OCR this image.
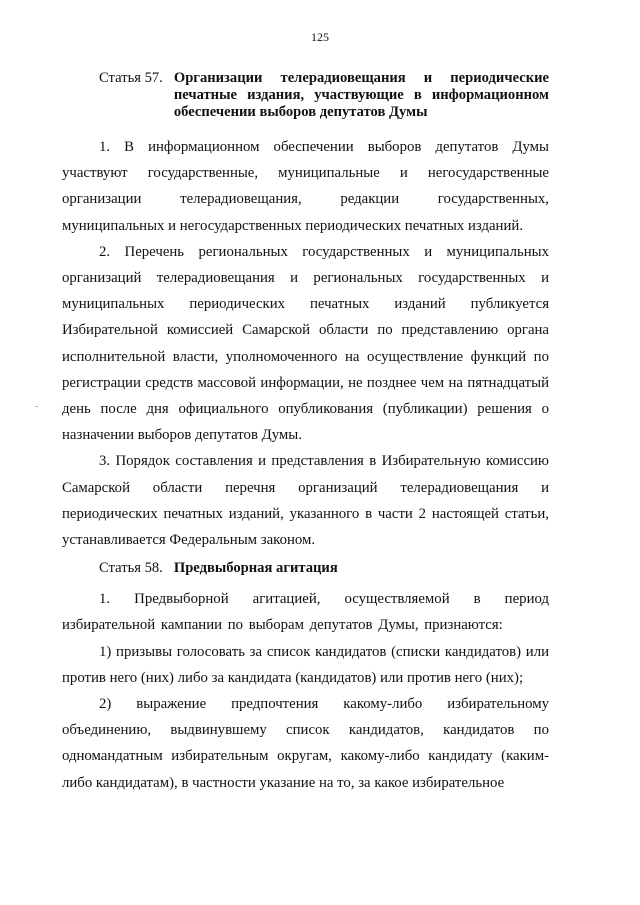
125
-
Статья 57. Организации телерадиовещания и периодические печатные издания, участвующие в информационном обеспечении выборов депутатов Думы

1. В информационном обеспечении выборов депутатов Думы участвуют государственные, муниципальные и негосударственные организации телерадиовещания, редакции государственных, муниципальных и негосударственных периодических печатных изданий.

2. Перечень региональных государственных и муниципальных организаций телерадиовещания и региональных государственных и муниципальных периодических печатных изданий публикуется Избирательной комиссией Самарской области по представлению органа исполнительной власти, уполномоченного на осуществление функций по регистрации средств массовой информации, не позднее чем на пятнадцатый день после дня официального опубликования (публикации) решения о назначении выборов депутатов Думы.

3. Порядок составления и представления в Избирательную комиссию Самарской области перечня организаций телерадиовещания и периодических печатных изданий, указанного в части 2 настоящей статьи, устанавливается Федеральным законом.

Статья 58. Предвыборная агитация

1. Предвыборной агитацией, осуществляемой в период избирательной кампании по выборам депутатов Думы, признаются:

1) призывы голосовать за список кандидатов (списки кандидатов) или против него (них) либо за кандидата (кандидатов) или против него (них);

2) выражение предпочтения какому-либо избирательному объединению, выдвинувшему список кандидатов, кандидатов по одномандатным избирательным округам, какому-либо кандидату (каким-либо кандидатам), в частности указание на то, за какое избирательное
